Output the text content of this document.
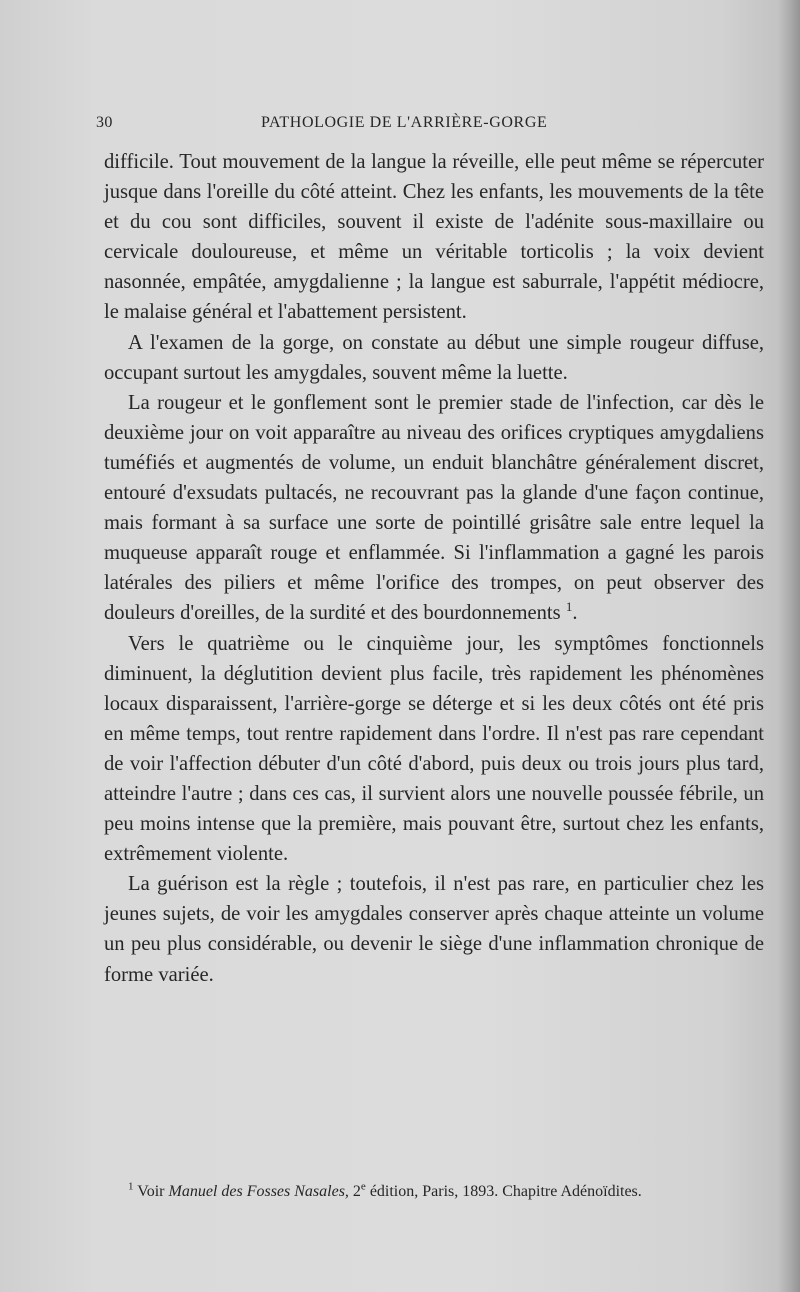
30	PATHOLOGIE DE L'ARRIÈRE-GORGE

difficile. Tout mouvement de la langue la réveille, elle peut même se répercuter jusque dans l'oreille du côté atteint. Chez les enfants, les mouvements de la tête et du cou sont difficiles, souvent il existe de l'adénite sous-maxillaire ou cervicale douloureuse, et même un véritable torticolis ; la voix devient nasonnée, empâtée, amygdalienne ; la langue est saburrale, l'appétit médiocre, le malaise général et l'abattement persistent.

A l'examen de la gorge, on constate au début une simple rougeur diffuse, occupant surtout les amygdales, souvent même la luette.

La rougeur et le gonflement sont le premier stade de l'infection, car dès le deuxième jour on voit apparaître au niveau des orifices cryptiques amygdaliens tuméfiés et augmentés de volume, un enduit blanchâtre généralement discret, entouré d'exsudats pultacés, ne recouvrant pas la glande d'une façon continue, mais formant à sa surface une sorte de pointillé grisâtre sale entre lequel la muqueuse apparaît rouge et enflammée. Si l'inflammation a gagné les parois latérales des piliers et même l'orifice des trompes, on peut observer des douleurs d'oreilles, de la surdité et des bourdonnements $^1$.

Vers le quatrième ou le cinquième jour, les symptômes fonctionnels diminuent, la déglutition devient plus facile, très rapidement les phénomènes locaux disparaissent, l'arrière-gorge se déterge et si les deux côtés ont été pris en même temps, tout rentre rapidement dans l'ordre. Il n'est pas rare cependant de voir l'affection débuter d'un côté d'abord, puis deux ou trois jours plus tard, atteindre l'autre ; dans ces cas, il survient alors une nouvelle poussée fébrile, un peu moins intense que la première, mais pouvant être, surtout chez les enfants, extrêmement violente.

La guérison est la règle ; toutefois, il n'est pas rare, en particulier chez les jeunes sujets, de voir les amygdales conserver après chaque atteinte un volume un peu plus considérable, ou devenir le siège d'une inflammation chronique de forme variée.

$^1$ Voir Manuel des Fosses Nasales, 2e édition, Paris, 1893. Chapitre Adénoïdites.
